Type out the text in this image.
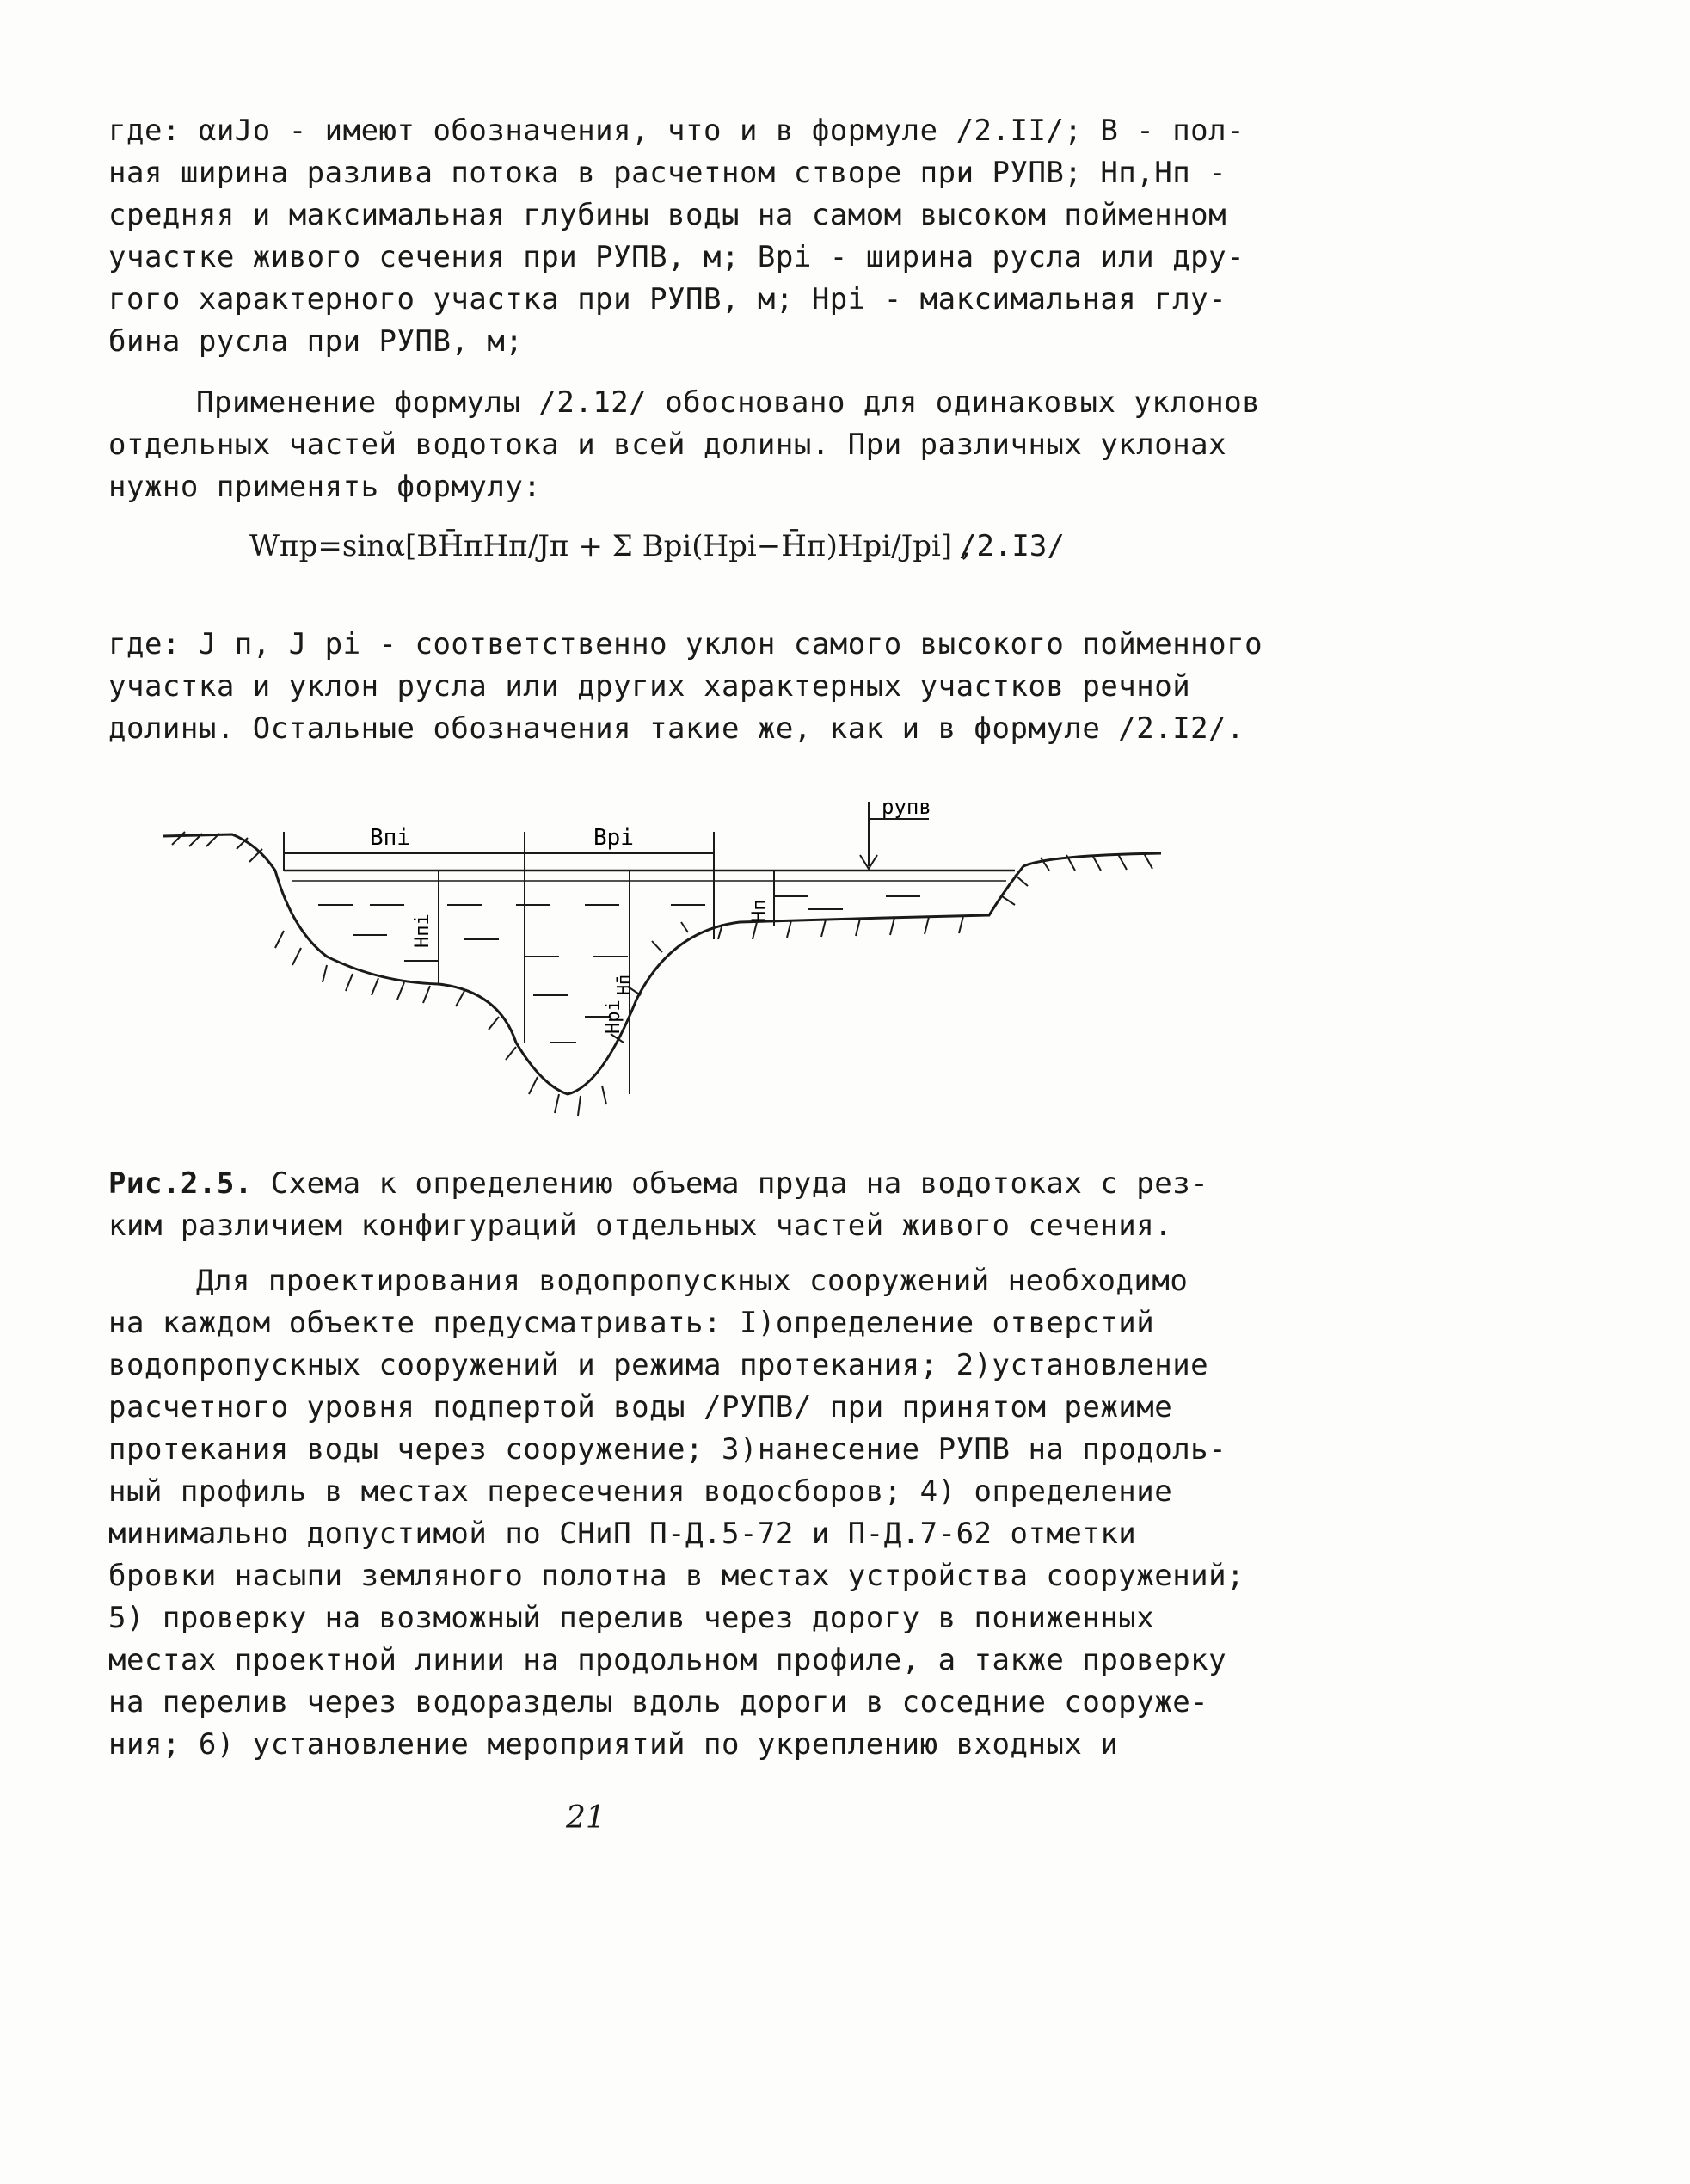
где: αиJo - имеют обозначения, что и в формуле /2.II/; B - пол-
ная ширина разлива потока в расчетном створе при РУПВ; Нп,Нп -
средняя и максимальная глубины воды на самом высоком пойменном
участке живого сечения при РУПВ, м; Врi - ширина русла или дру-
гого характерного участка при РУПВ, м; Нрi - максимальная глу-
бина русла при РУПВ, м;
Применение формулы /2.12/ обосновано для одинаковых уклонов
отдельных частей водотока и всей долины. При различных уклонах
нужно применять формулу:
Wпр=sinα[BH̄пHп/Jп + Σ Врi(Нрi−H̄п)Нрi/Jрi] ,
/2.I3/
где: J п, J pi - соответственно уклон самого высокого пойменного
участка и уклон русла или других характерных участков речной
долины. Остальные обозначения такие же, как и в формуле /2.I2/.
Впi	Врi
Нпi
Нрi
Нп
Н̄п
рупв
Рис.2.5. Схема к определению объема пруда на водотоках с рез-
ким различием конфигураций отдельных частей живого сечения.
Для проектирования водопропускных сооружений необходимо
на каждом объекте предусматривать: I)определение отверстий
водопропускных сооружений и режима протекания; 2)установление
расчетного уровня подпертой воды /РУПВ/ при принятом режиме
протекания воды через сооружение; 3)нанесение РУПВ на продоль-
ный профиль в местах пересечения водосборов; 4) определение
минимально допустимой по СНиП П-Д.5-72 и П-Д.7-62 отметки
бровки насыпи земляного полотна в местах устройства сооружений;
5) проверку на возможный перелив через дорогу в пониженных
местах проектной линии на продольном профиле, а также проверку
на перелив через водоразделы вдоль дороги в соседние сооруже-
ния; 6) установление мероприятий по укреплению входных и
21
